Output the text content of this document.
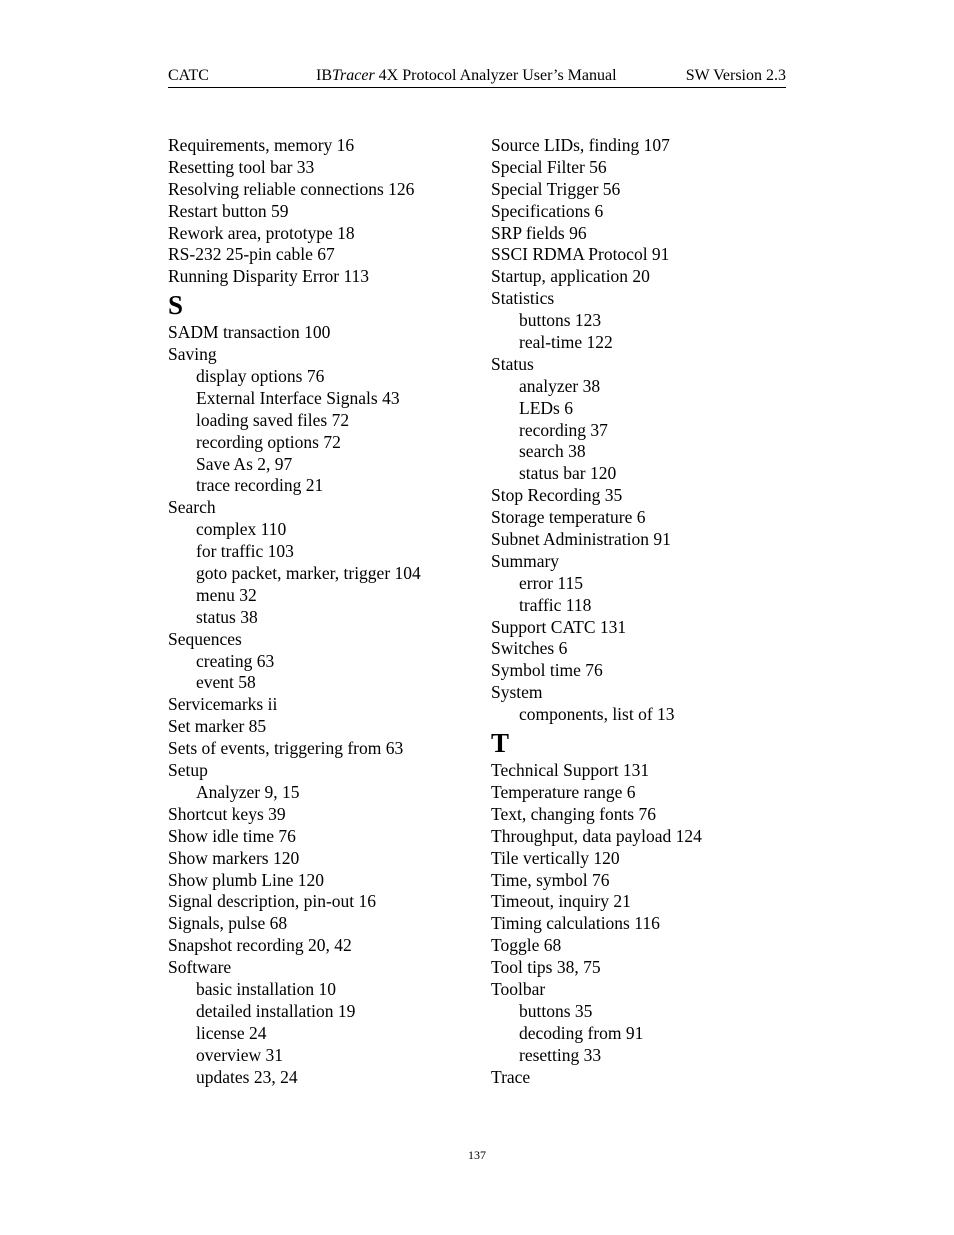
CATC	IBTracer 4X Protocol Analyzer User’s Manual	SW Version 2.3
Requirements, memory 16
Resetting tool bar 33
Resolving reliable connections 126
Restart button 59
Rework area, prototype 18
RS-232 25-pin cable 67
Running Disparity Error 113
S
SADM transaction 100
Saving
display options 76
External Interface Signals 43
loading saved files 72
recording options 72
Save As 2, 97
trace recording 21
Search
complex 110
for traffic 103
goto packet, marker, trigger 104
menu 32
status 38
Sequences
creating 63
event 58
Servicemarks ii
Set marker 85
Sets of events, triggering from 63
Setup
Analyzer 9, 15
Shortcut keys 39
Show idle time 76
Show markers 120
Show plumb Line 120
Signal description, pin-out 16
Signals, pulse 68
Snapshot recording 20, 42
Software
basic installation 10
detailed installation 19
license 24
overview 31
updates 23, 24
Source LIDs, finding 107
Special Filter 56
Special Trigger 56
Specifications 6
SRP fields 96
SSCI RDMA Protocol 91
Startup, application 20
Statistics
buttons 123
real-time 122
Status
analyzer 38
LEDs 6
recording 37
search 38
status bar 120
Stop Recording 35
Storage temperature 6
Subnet Administration 91
Summary
error 115
traffic 118
Support CATC 131
Switches 6
Symbol time 76
System
components, list of 13
T
Technical Support 131
Temperature range 6
Text, changing fonts 76
Throughput, data payload 124
Tile vertically 120
Time, symbol 76
Timeout, inquiry 21
Timing calculations 116
Toggle 68
Tool tips 38, 75
Toolbar
buttons 35
decoding from 91
resetting 33
Trace
137
